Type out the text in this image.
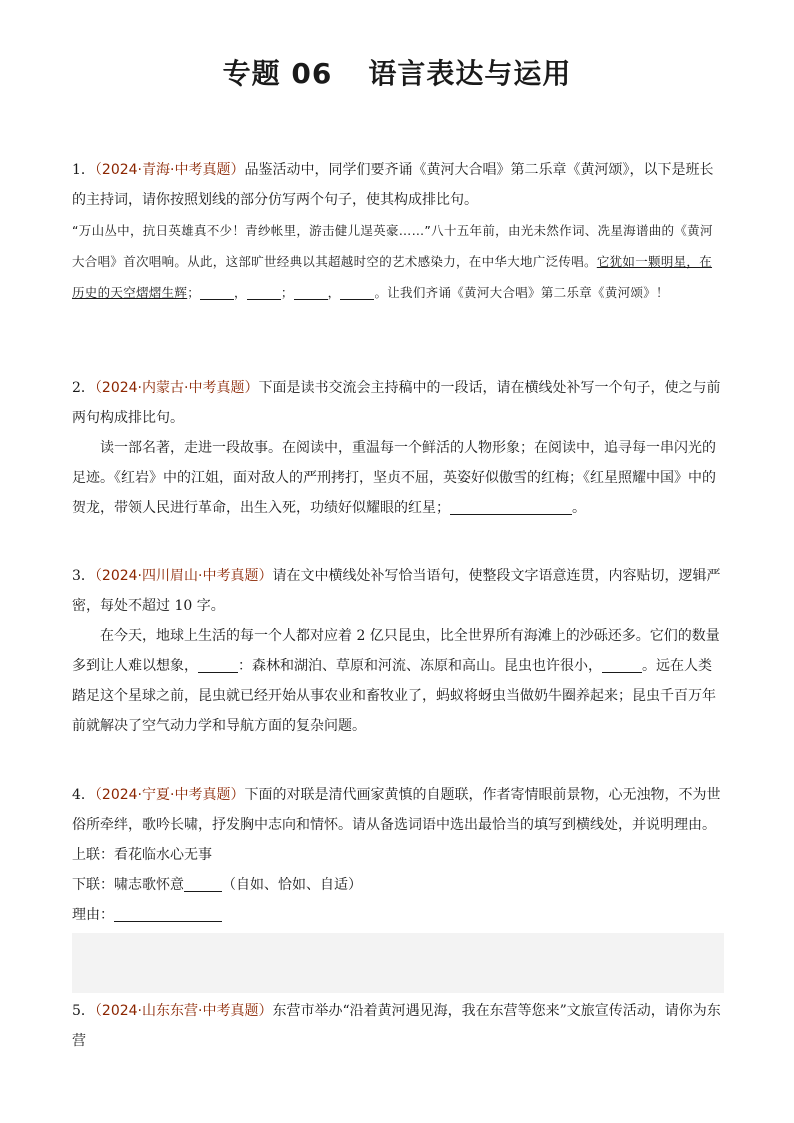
专题 06 语言表达与运用

1．（2024·青海·中考真题）品鉴活动中，同学们要齐诵《黄河大合唱》第二乐章《黄河颂》，以下是班长的主持词，请你按照划线的部分仿写两个句子，使其构成排比句。

“万山丛中，抗日英雄真不少！青纱帐里，游击健儿逞英豪……”八十五年前，由光未然作词、冼星海谱曲的《黄河大合唱》首次唱响。从此，这部旷世经典以其超越时空的艺术感染力，在中华大地广泛传唱。它犹如一颗明星，在历史的天空熠熠生辉；	，	；	，	。让我们齐诵《黄河大合唱》第二乐章《黄河颂》！

2．（2024·内蒙古·中考真题）下面是读书交流会主持稿中的一段话，请在横线处补写一个句子，使之与前两句构成排比句。

读一部名著，走进一段故事。在阅读中，重温每一个鲜活的人物形象；在阅读中，追寻每一串闪光的足迹。《红岩》中的江姐，面对敌人的严刑拷打，坚贞不屈，英姿好似傲雪的红梅；《红星照耀中国》中的贺龙，带领人民进行革命，出生入死，功绩好似耀眼的红星；	。

3．（2024·四川眉山·中考真题）请在文中横线处补写恰当语句，使整段文字语意连贯，内容贴切，逻辑严密，每处不超过 10 字。

在今天，地球上生活的每一个人都对应着 2 亿只昆虫，比全世界所有海滩上的沙砾还多。它们的数量多到让人难以想象，	：森林和湖泊、草原和河流、冻原和高山。昆虫也许很小，	。远在人类踏足这个星球之前，昆虫就已经开始从事农业和畜牧业了，蚂蚁将蚜虫当做奶牛圈养起来；昆虫千百万年前就解决了空气动力学和导航方面的复杂问题。

4．（2024·宁夏·中考真题）下面的对联是清代画家黄慎的自题联，作者寄情眼前景物，心无浊物，不为世俗所牵绊，歌吟长啸，抒发胸中志向和情怀。请从备选词语中选出最恰当的填写到横线处，并说明理由。

上联：看花临水心无事

下联：啸志歌怀意	（自如、恰如、自适）

理由：

5．（2024·山东东营·中考真题）东营市举办“沿着黄河遇见海，我在东营等您来”文旅宣传活动，请你为东营
